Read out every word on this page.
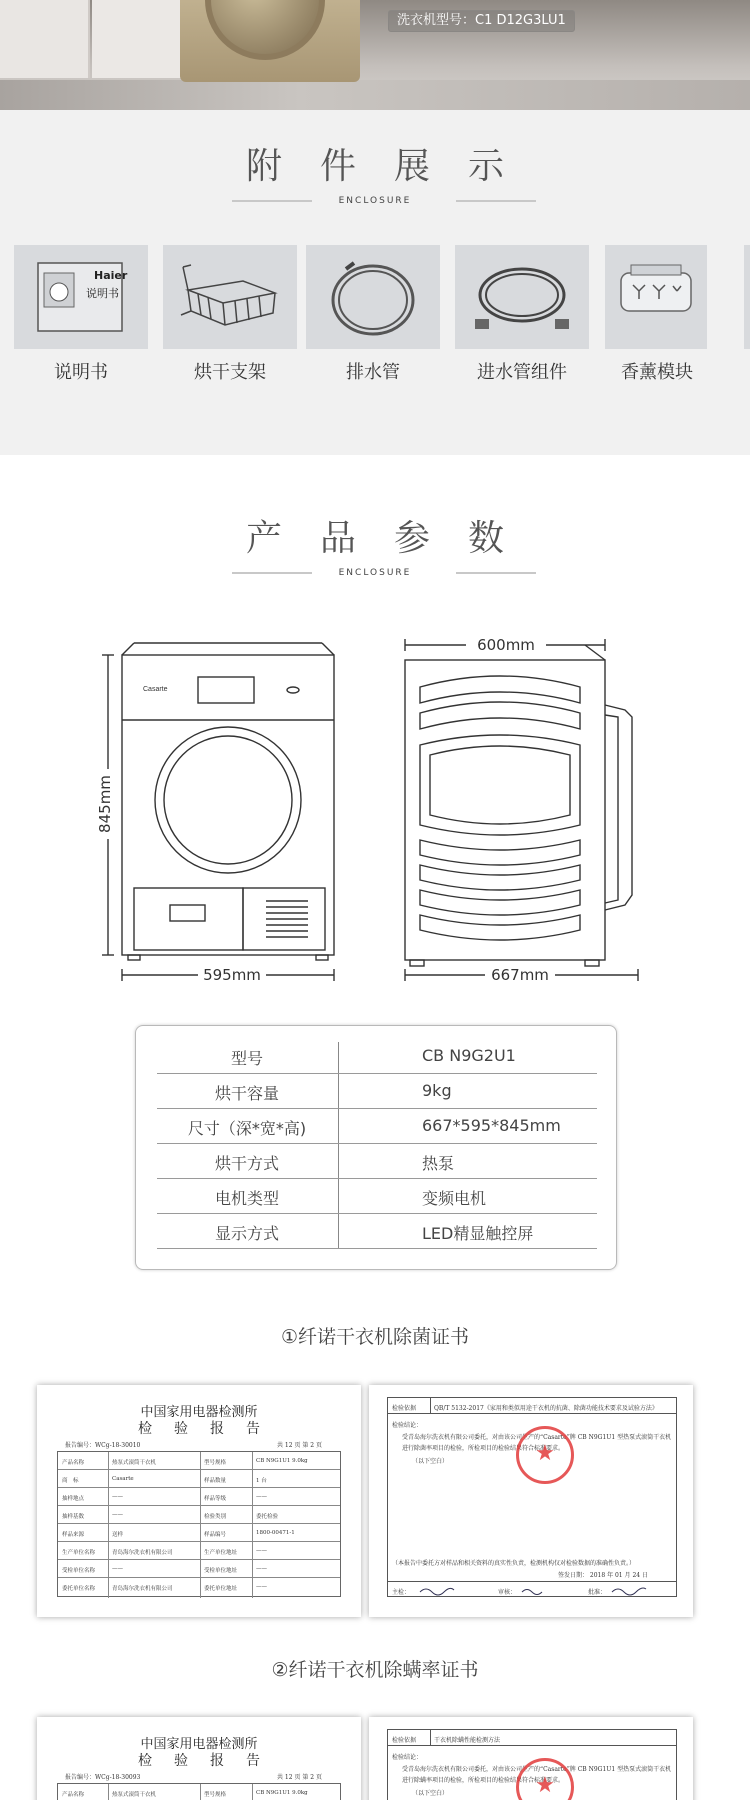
洗衣机型号：C1 D12G3LU1
附件展示
ENCLOSURE
Haier
说明书
说明书	烘干支架	排水管	进水管组件	香薰模块
产品参数
ENCLOSURE
Casarte
845mm
595mm
600mm
667mm
型号	CB N9G2U1
烘干容量	9kg
尺寸（深*宽*高)	667*595*845mm
烘干方式	热泵
电机类型	变频电机
显示方式	LED精显触控屏
①纤诺干衣机除菌证书
中国家用电器检测所
检验报告
报告编号：WCg-18-30010	共 12 页 第 2 页
产品名称	热泵式滚筒干衣机	型号规格	CB N9G1U1 9.0kg
商　标	Casarte	样品数量	1 台
抽样地点	——	样品等级	——
抽样基数	——	检验类别	委托检验
样品来源	送样	样品编号	1800-00471-1
生产单位名称	青岛海尔洗衣机有限公司	生产单位地址	——
受检单位名称	——	受检单位地址	——
委托单位名称	青岛海尔洗衣机有限公司	委托单位地址	——
检验依据	QB/T 5132-2017《家用和类似用途干衣机的抗菌、除菌功能技术要求及试验方法》
检验结论：
受青岛海尔洗衣机有限公司委托，对由该公司生产的“Casarte”牌 CB N9G1U1 型热泵式滚筒干衣机进行除菌率项目的检验，所检项目的检验结果符合标准要求。
（以下空白）	★
（本报告中委托方对样品和相关资料的真实性负责，检测机构仅对检验数据的准确性负责。）
签发日期： 2018 年 01 月 24 日
主检：	审核：	批准：
②纤诺干衣机除螨率证书
中国家用电器检测所
检验报告
报告编号：WCg-18-30093	共 12 页 第 2 页
产品名称	热泵式滚筒干衣机	型号规格	CB N9G1U1 9.0kg
检验依据	干衣机除螨性能检测方法
检验结论：
受青岛海尔洗衣机有限公司委托，对由该公司生产的“Casarte”牌 CB N9G1U1 型热泵式滚筒干衣机进行除螨率项目的检验，所检项目的检验结果符合标准要求。
（以下空白）	★
